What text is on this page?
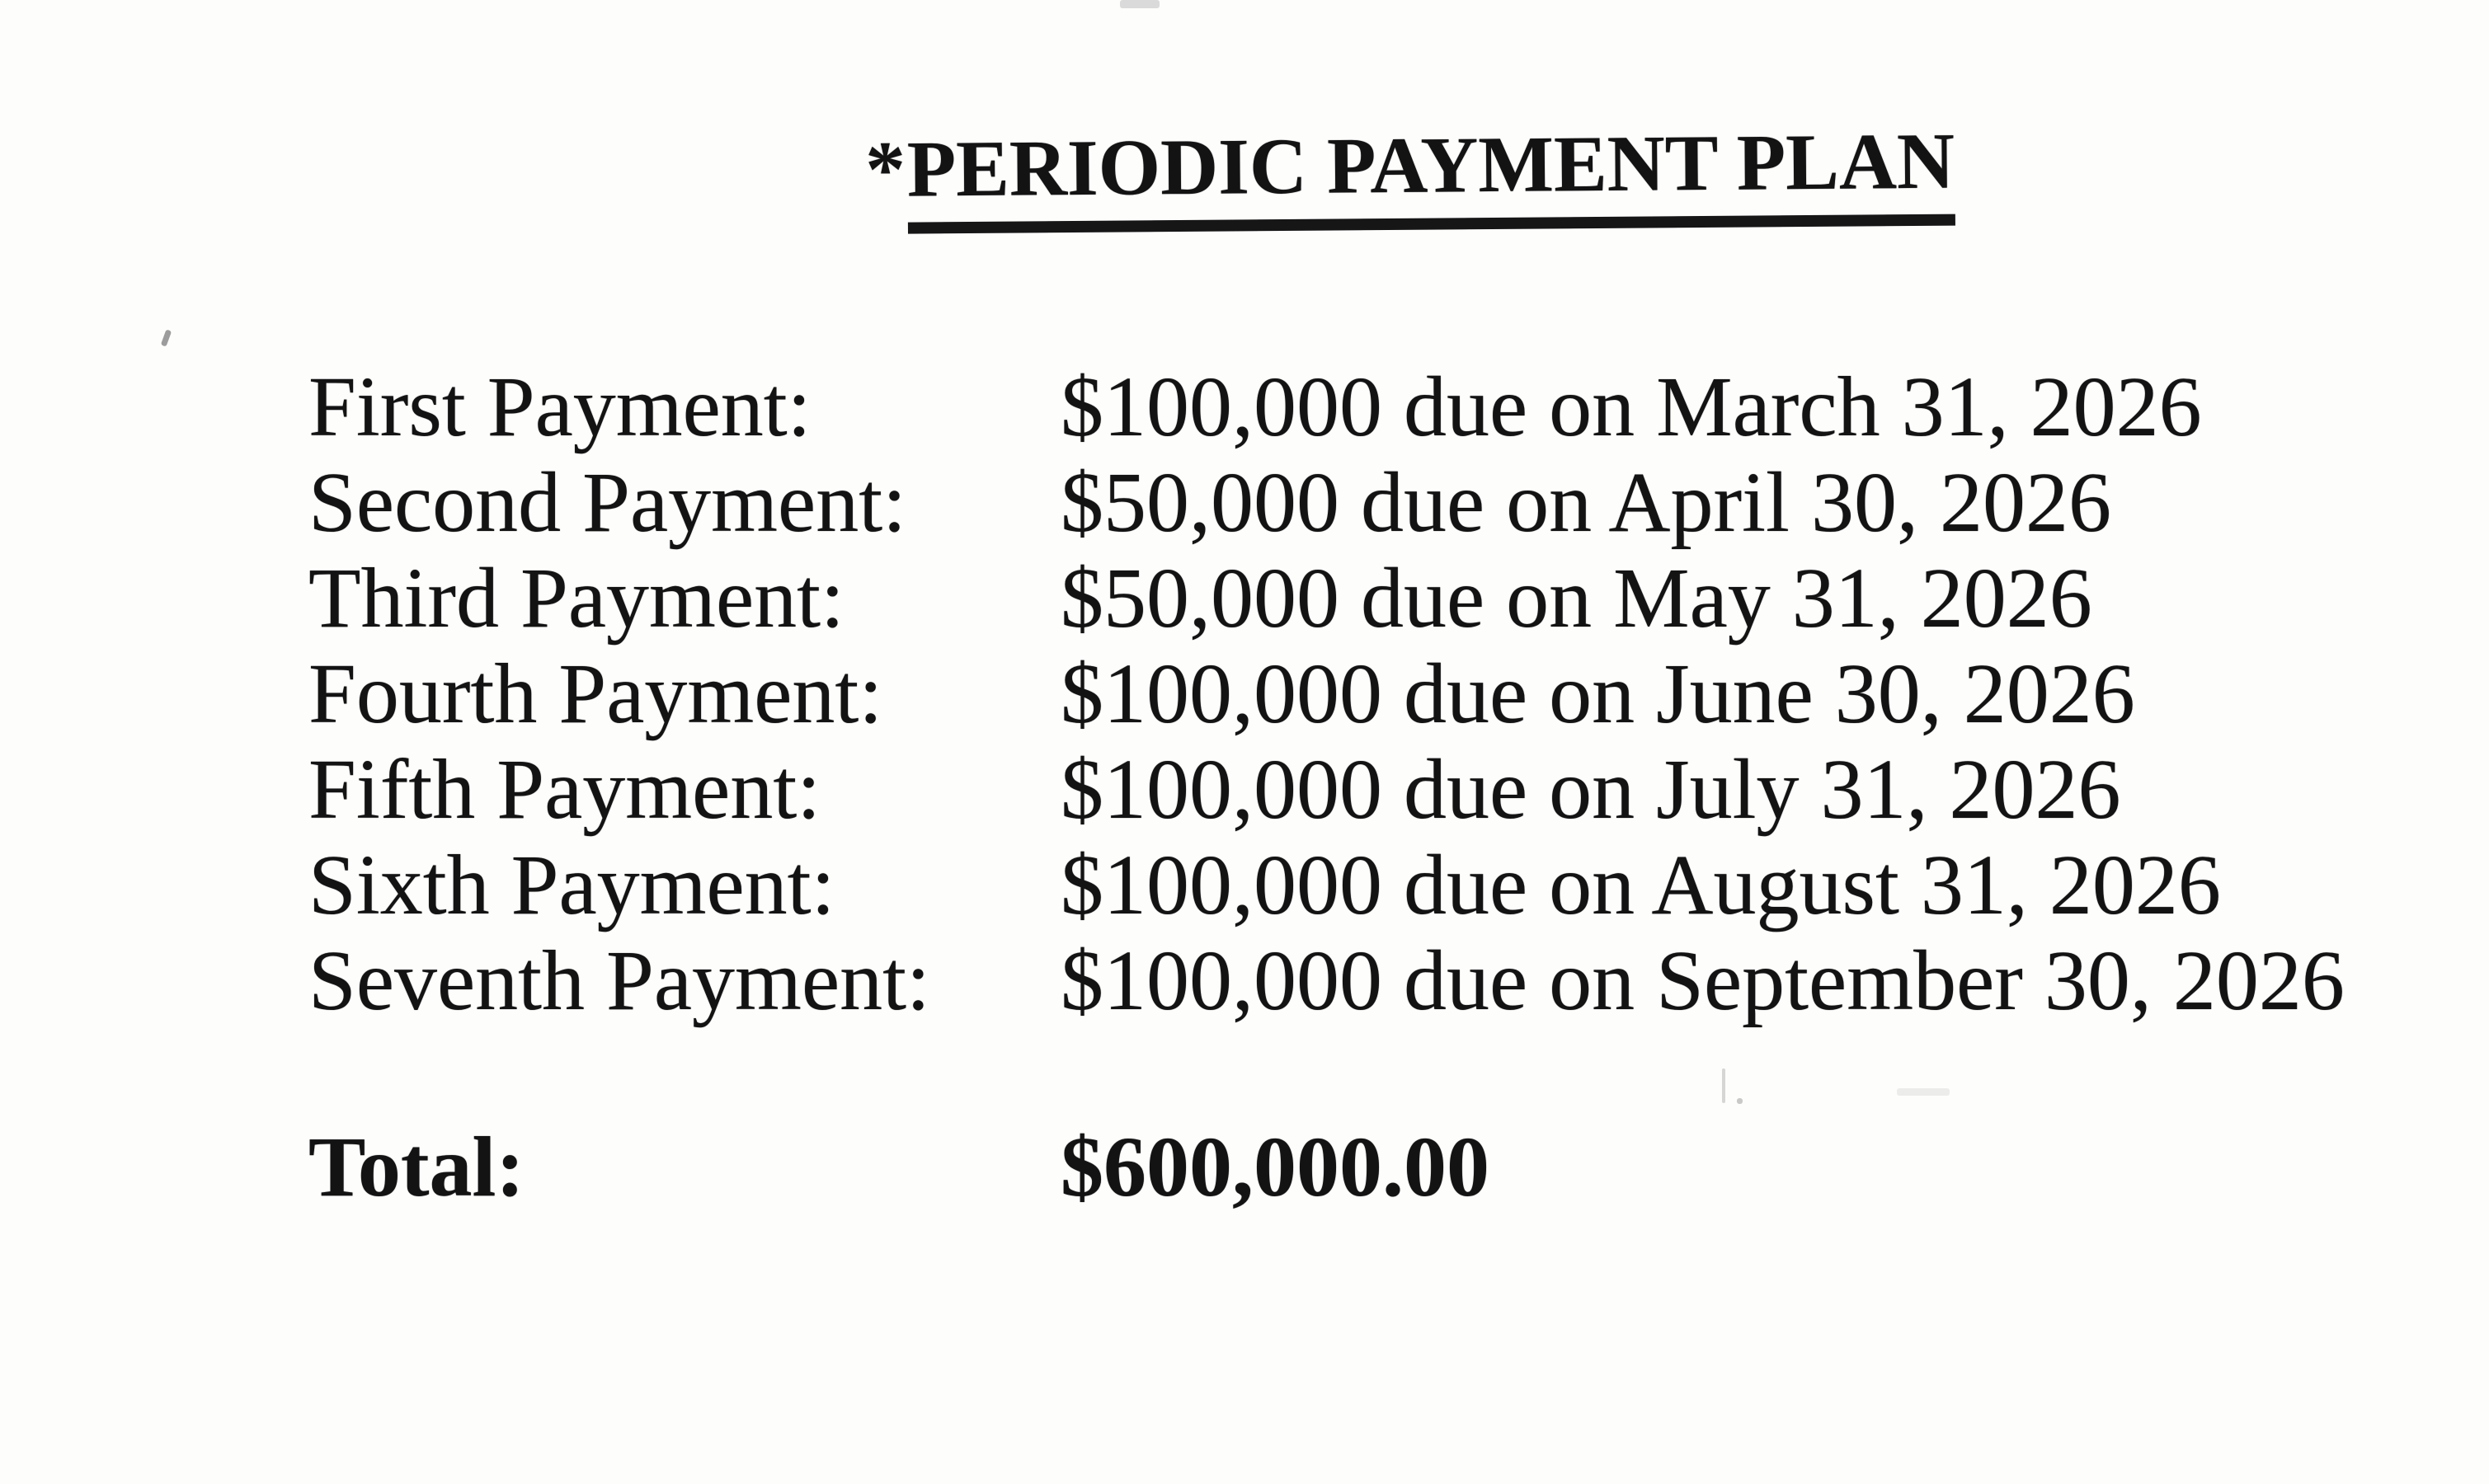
*PERIODIC PAYMENT PLAN
First Payment:	$100,000 due on March 31, 2026
Second Payment:	$50,000 due on April 30, 2026
Third Payment:	$50,000 due on May 31, 2026
Fourth Payment:	$100,000 due on June 30, 2026
Fifth Payment:	$100,000 due on July 31, 2026
Sixth Payment:	$100,000 due on August 31, 2026
Seventh Payment:	$100,000 due on September 30, 2026
Total:	$600,000.00
